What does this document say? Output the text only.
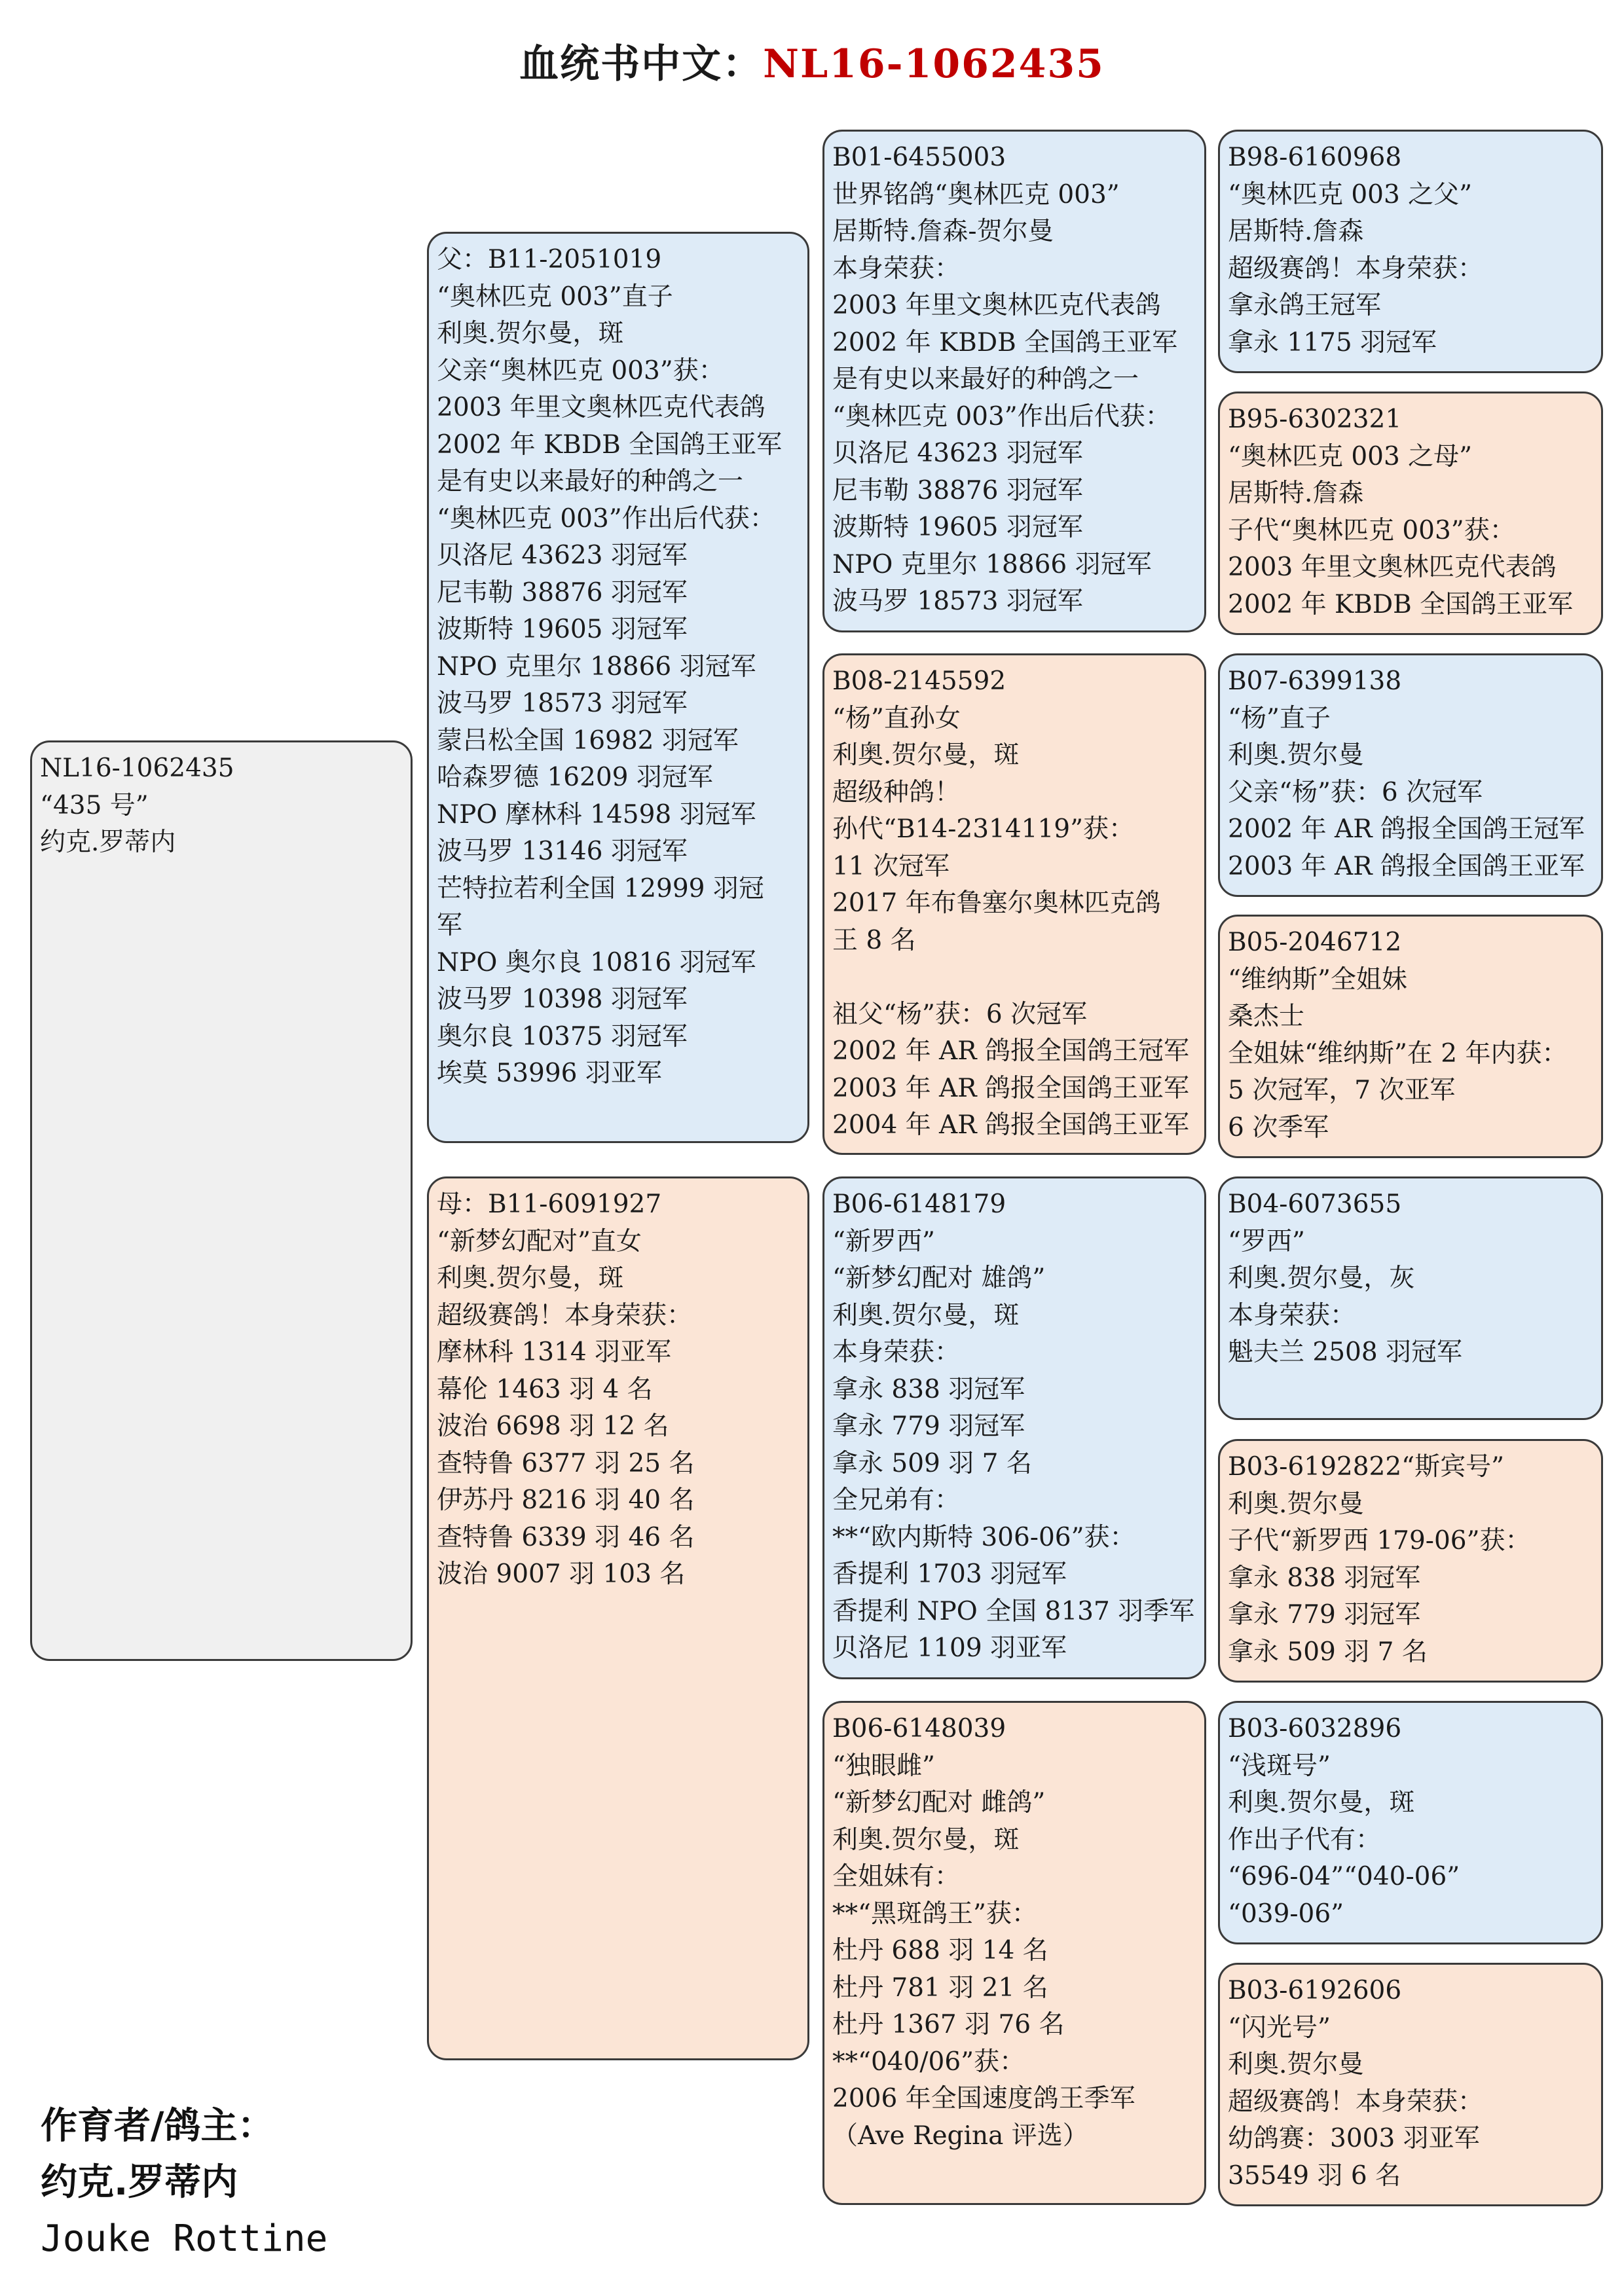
血统书中文：NL16-1062435
NL16-1062435
“435 号”
约克.罗蒂内
父：B11-2051019
“奥林匹克 003”直子
利奥.贺尔曼，斑
父亲“奥林匹克 003”获：
2003 年里文奥林匹克代表鸽
2002 年 KBDB 全国鸽王亚军
是有史以来最好的种鸽之一
“奥林匹克 003”作出后代获：
贝洛尼 43623 羽冠军
尼韦勒 38876 羽冠军
波斯特 19605 羽冠军
NPO 克里尔 18866 羽冠军
波马罗 18573 羽冠军
蒙吕松全国 16982 羽冠军
哈森罗德 16209 羽冠军
NPO 摩林科 14598 羽冠军
波马罗 13146 羽冠军
芒特拉若利全国 12999 羽冠
军
NPO 奥尔良 10816 羽冠军
波马罗 10398 羽冠军
奥尔良 10375 羽冠军
埃莫 53996 羽亚军
母：B11-6091927
“新梦幻配对”直女
利奥.贺尔曼，斑
超级赛鸽！本身荣获：
摩林科 1314 羽亚军
幕伦 1463 羽 4 名
波治 6698 羽 12 名
查特鲁 6377 羽 25 名
伊苏丹 8216 羽 40 名
查特鲁 6339 羽 46 名
波治 9007 羽 103 名
B01-6455003
世界铭鸽“奥林匹克 003”
居斯特.詹森-贺尔曼
本身荣获：
2003 年里文奥林匹克代表鸽
2002 年 KBDB 全国鸽王亚军
是有史以来最好的种鸽之一
“奥林匹克 003”作出后代获：
贝洛尼 43623 羽冠军
尼韦勒 38876 羽冠军
波斯特 19605 羽冠军
NPO 克里尔 18866 羽冠军
波马罗 18573 羽冠军
B08-2145592
“杨”直孙女
利奥.贺尔曼，斑
超级种鸽！
孙代“B14-2314119”获：
11 次冠军
2017 年布鲁塞尔奥林匹克鸽
王 8 名

祖父“杨”获：6 次冠军
2002 年 AR 鸽报全国鸽王冠军
2003 年 AR 鸽报全国鸽王亚军
2004 年 AR 鸽报全国鸽王亚军
B06-6148179
“新罗西”
“新梦幻配对 雄鸽”
利奥.贺尔曼，斑
本身荣获：
拿永 838 羽冠军
拿永 779 羽冠军
拿永 509 羽 7 名
全兄弟有：
**“欧内斯特 306-06”获：
香提利 1703 羽冠军
香提利 NPO 全国 8137 羽季军
贝洛尼 1109 羽亚军
B06-6148039
“独眼雌”
“新梦幻配对 雌鸽”
利奥.贺尔曼，斑
全姐妹有：
**“黑斑鸽王”获：
杜丹 688 羽 14 名
杜丹 781 羽 21 名
杜丹 1367 羽 76 名
**“040/06”获：
2006 年全国速度鸽王季军
（Ave Regina 评选）
B98-6160968
“奥林匹克 003 之父”
居斯特.詹森
超级赛鸽！本身荣获：
拿永鸽王冠军
拿永 1175 羽冠军
B95-6302321
“奥林匹克 003 之母”
居斯特.詹森
子代“奥林匹克 003”获：
2003 年里文奥林匹克代表鸽
2002 年 KBDB 全国鸽王亚军
B07-6399138
“杨”直子
利奥.贺尔曼
父亲“杨”获：6 次冠军
2002 年 AR 鸽报全国鸽王冠军
2003 年 AR 鸽报全国鸽王亚军
B05-2046712
“维纳斯”全姐妹
桑杰士
全姐妹“维纳斯”在 2 年内获：
5 次冠军，7 次亚军
6 次季军
B04-6073655
“罗西”
利奥.贺尔曼，灰
本身荣获：
魁夫兰 2508 羽冠军
B03-6192822“斯宾号”
利奥.贺尔曼
子代“新罗西 179-06”获：
拿永 838 羽冠军
拿永 779 羽冠军
拿永 509 羽 7 名
B03-6032896
“浅斑号”
利奥.贺尔曼，斑
作出子代有：
“696-04”“040-06”
“039-06”
B03-6192606
“闪光号”
利奥.贺尔曼
超级赛鸽！本身荣获：
幼鸽赛：3003 羽亚军
35549 羽 6 名
作育者/鸽主：
约克.罗蒂内
Jouke Rottine
